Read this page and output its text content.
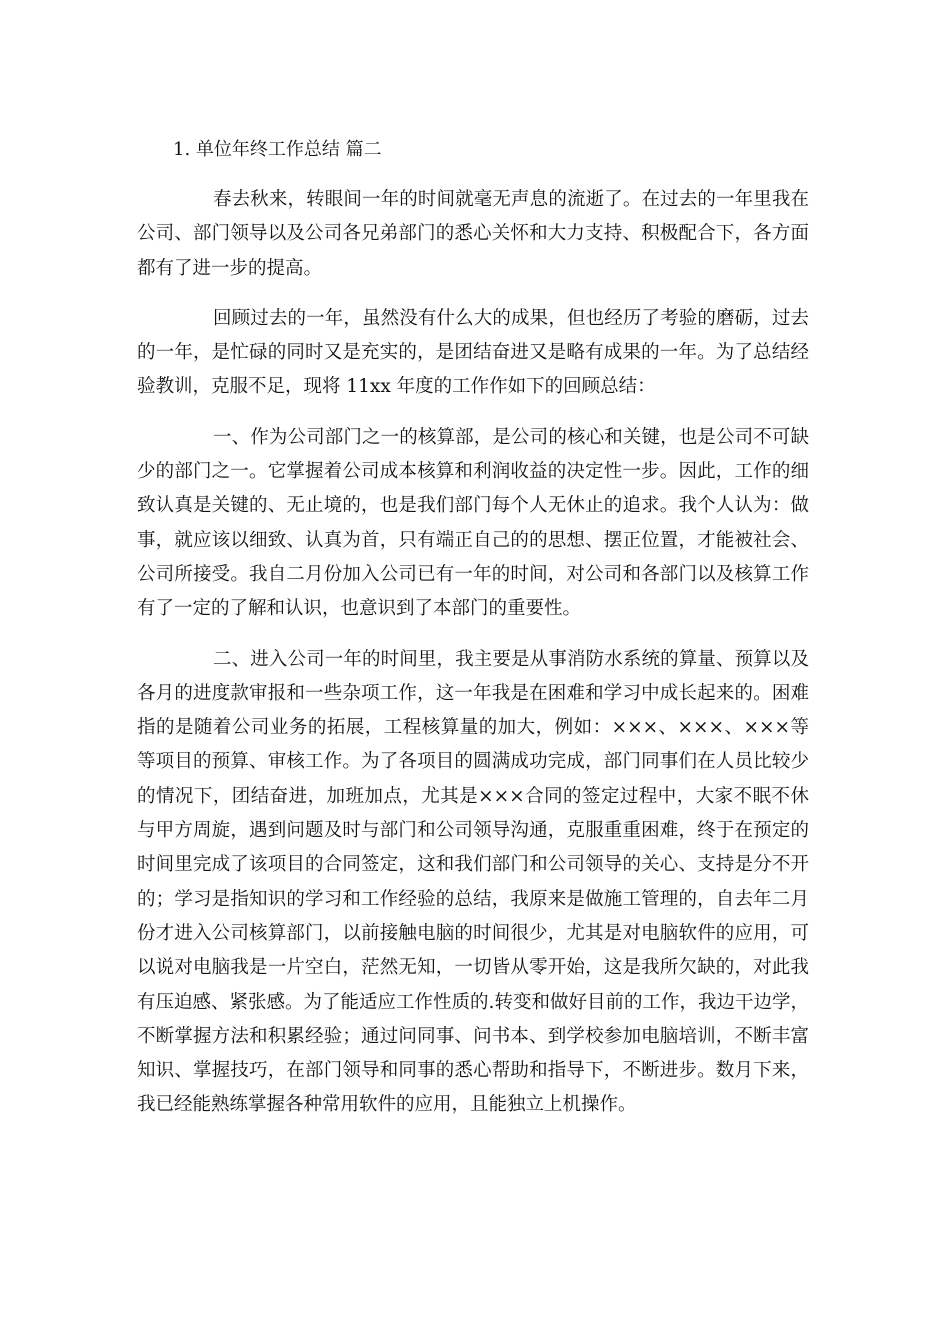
1. 单位年终工作总结 篇二

春去秋来，转眼间一年的时间就毫无声息的流逝了。在过去的一年里我在公司、部门领导以及公司各兄弟部门的悉心关怀和大力支持、积极配合下，各方面都有了进一步的提高。

回顾过去的一年，虽然没有什么大的成果，但也经历了考验的磨砺，过去的一年，是忙碌的同时又是充实的，是团结奋进又是略有成果的一年。为了总结经验教训，克服不足，现将 11xx 年度的工作作如下的回顾总结：

一、作为公司部门之一的核算部，是公司的核心和关键，也是公司不可缺少的部门之一。它掌握着公司成本核算和利润收益的决定性一步。因此，工作的细致认真是关键的、无止境的，也是我们部门每个人无休止的追求。我个人认为：做事，就应该以细致、认真为首，只有端正自己的的思想、摆正位置，才能被社会、公司所接受。我自二月份加入公司已有一年的时间，对公司和各部门以及核算工作有了一定的了解和认识，也意识到了本部门的重要性。

二、进入公司一年的时间里，我主要是从事消防水系统的算量、预算以及各月的进度款审报和一些杂项工作，这一年我是在困难和学习中成长起来的。困难指的是随着公司业务的拓展，工程核算量的加大，例如：×××、×××、×××等等项目的预算、审核工作。为了各项目的圆满成功完成，部门同事们在人员比较少的情况下，团结奋进，加班加点，尤其是×××合同的签定过程中，大家不眠不休与甲方周旋，遇到问题及时与部门和公司领导沟通，克服重重困难，终于在预定的时间里完成了该项目的合同签定，这和我们部门和公司领导的关心、支持是分不开的；学习是指知识的学习和工作经验的总结，我原来是做施工管理的，自去年二月份才进入公司核算部门，以前接触电脑的时间很少，尤其是对电脑软件的应用，可以说对电脑我是一片空白，茫然无知，一切皆从零开始，这是我所欠缺的，对此我有压迫感、紧张感。为了能适应工作性质的.转变和做好目前的工作，我边干边学，不断掌握方法和积累经验；通过问同事、问书本、到学校参加电脑培训，不断丰富知识、掌握技巧，在部门领导和同事的悉心帮助和指导下，不断进步。数月下来，我已经能熟练掌握各种常用软件的应用，且能独立上机操作。
